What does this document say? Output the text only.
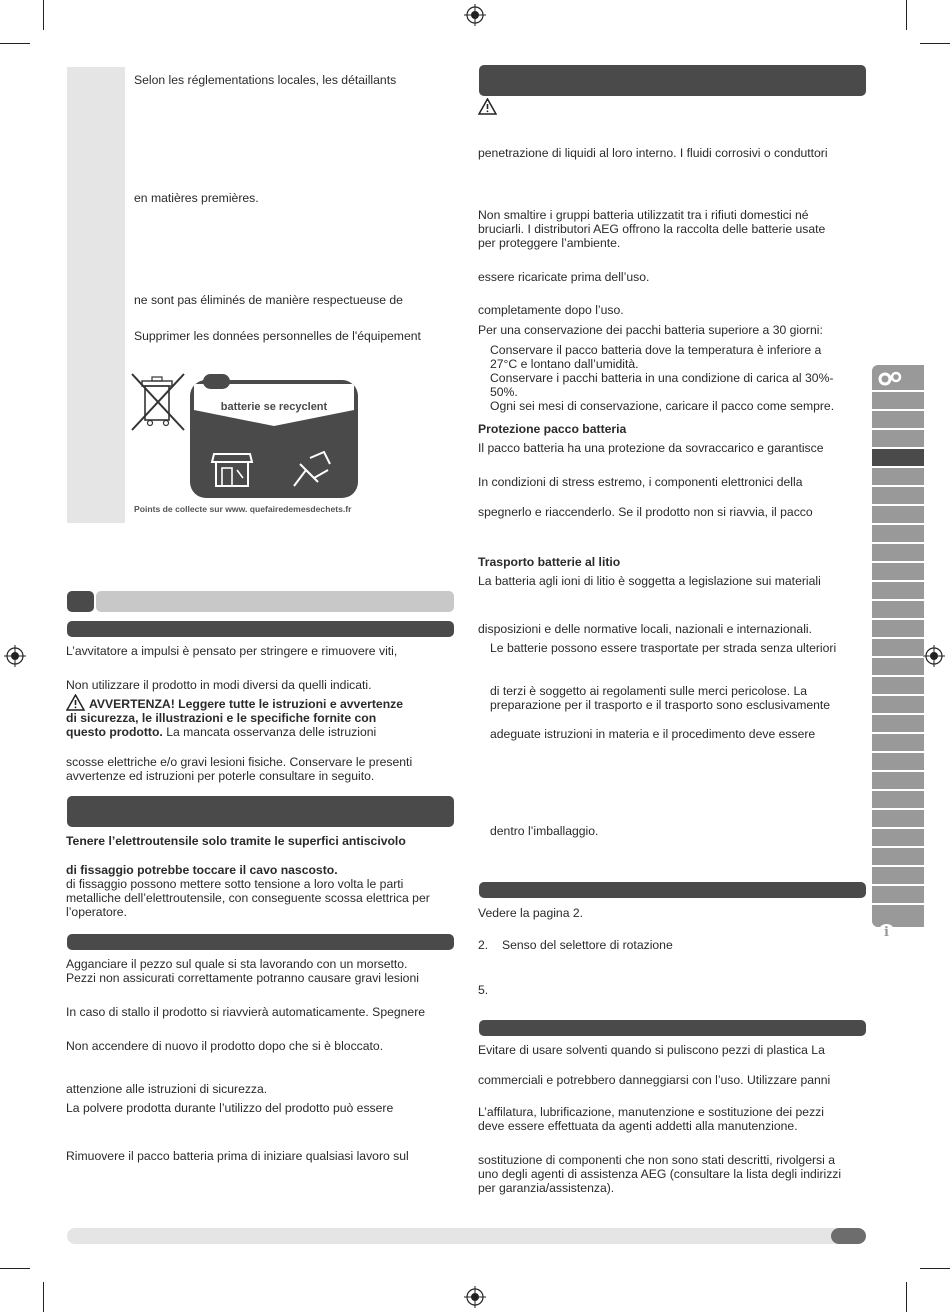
Selon les réglementations locales, les détaillants
en matières premières.
ne sont pas éliminés de manière respectueuse de
Supprimer les données personnelles de l'équipement
batterie se recyclent
Points de collecte sur www. quefairedemesdechets.fr
L’avvitatore a impulsi è pensato per stringere e rimuovere viti,
Non utilizzare il prodotto in modi diversi da quelli indicati.
AVVERTENZA! Leggere tutte le istruzioni e avvertenze
di sicurezza, le illustrazioni e le specifiche fornite con
questo prodotto. La mancata osservanza delle istruzioni
scosse elettriche e/o gravi lesioni fisiche. Conservare le presenti
avvertenze ed istruzioni per poterle consultare in seguito.
Tenere l’elettroutensile solo tramite le superfici antiscivolo
di fissaggio potrebbe toccare il cavo nascosto.
di fissaggio possono mettere sotto tensione a loro volta le parti
metalliche dell’elettroutensile, con conseguente scossa elettrica per
l’operatore.
Agganciare il pezzo sul quale si sta lavorando con un morsetto.
Pezzi non assicurati correttamente potranno causare gravi lesioni
In caso di stallo il prodotto si riavvierà automaticamente. Spegnere
Non accendere di nuovo il prodotto dopo che si è bloccato.
attenzione alle istruzioni di sicurezza.
La polvere prodotta durante l’utilizzo del prodotto può essere
Rimuovere il pacco batteria prima di iniziare qualsiasi lavoro sul
penetrazione di liquidi al loro interno. I fluidi corrosivi o conduttori
Non smaltire i gruppi batteria utilizzatit tra i rifiuti domestici né
bruciarli. I distributori AEG offrono la raccolta delle batterie usate
per proteggere l’ambiente.
essere ricaricate prima dell’uso.
completamente dopo l’uso.
Per una conservazione dei pacchi batteria superiore a 30 giorni:
Conservare il pacco batteria dove la temperatura è inferiore a
27°C e lontano dall’umidità.
Conservare i pacchi batteria in una condizione di carica al 30%-
50%.
Ogni sei mesi di conservazione, caricare il pacco come sempre.
Protezione pacco batteria
Il pacco batteria ha una protezione da sovraccarico e garantisce
In condizioni di stress estremo, i componenti elettronici della
spegnerlo e riaccenderlo. Se il prodotto non si riavvia, il pacco
Trasporto batterie al litio
La batteria agli ioni di litio è soggetta a legislazione sui materiali
disposizioni e delle normative locali, nazionali e internazionali.
Le batterie possono essere trasportate per strada senza ulteriori
di terzi è soggetto ai regolamenti sulle merci pericolose. La
preparazione per il trasporto e il trasporto sono esclusivamente
adeguate istruzioni in materia e il procedimento deve essere
dentro l’imballaggio.
Vedere la pagina 2.
2. Senso del selettore di rotazione
5.
Evitare di usare solventi quando si puliscono pezzi di plastica La
commerciali e potrebbero danneggiarsi con l’uso. Utilizzare panni
L’affilatura, lubrificazione, manutenzione e sostituzione dei pezzi
deve essere effettuata da agenti addetti alla manutenzione.
sostituzione di componenti che non sono stati descritti, rivolgersi a
uno degli agenti di assistenza AEG (consultare la lista degli indirizzi
per garanzia/assistenza).
i
